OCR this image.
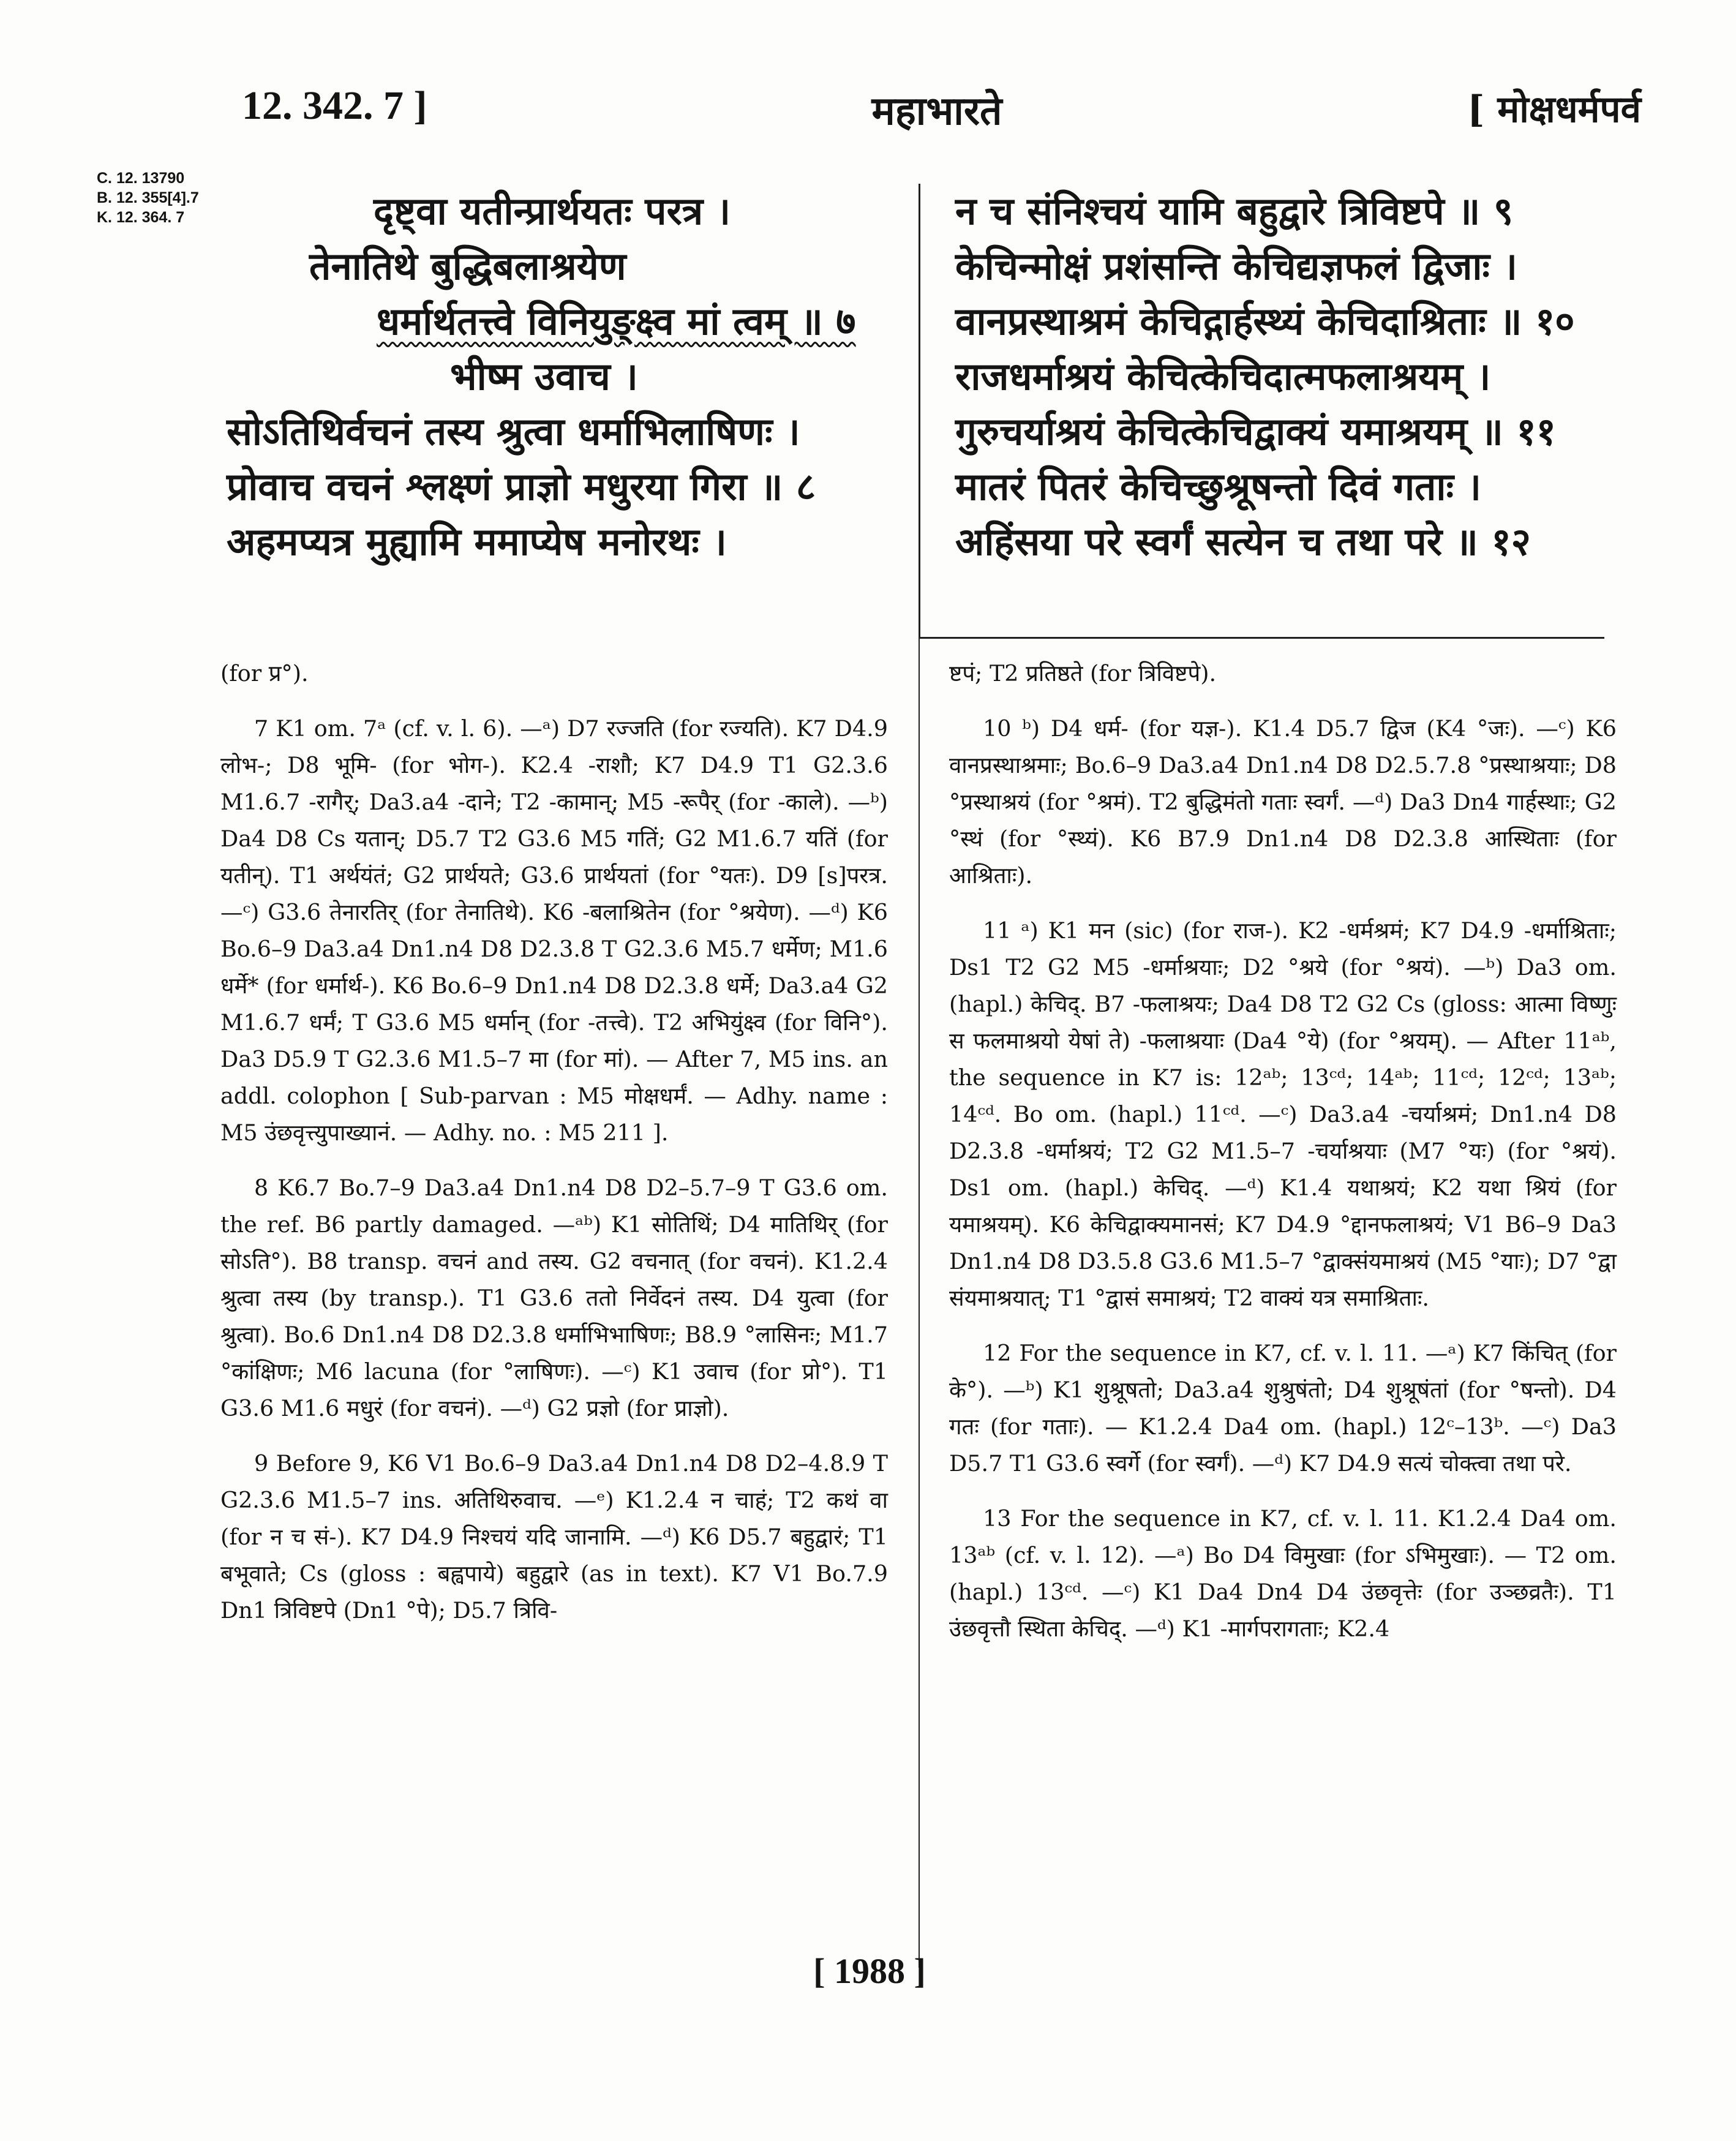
12. 342. 7 ]	महाभारते	[ मोक्षधर्मपर्व
C. 12. 13790
B. 12. 355[4].7
K. 12. 364. 7	दृष्ट्वा यतीन्प्रार्थयतः परत्र ।
तेनातिथे बुद्धिबलाश्रयेण
धर्मार्थतत्त्वे विनियुङ्क्ष्व मां त्वम् ॥ ७
भीष्म उवाच ।
सोऽतिथिर्वचनं तस्य श्रुत्वा धर्माभिलाषिणः ।
प्रोवाच वचनं श्लक्ष्णं प्राज्ञो मधुरया गिरा ॥ ८
अहमप्यत्र मुह्यामि ममाप्येष मनोरथः ।
न च संनिश्चयं यामि बहुद्वारे त्रिविष्टपे ॥ ९
केचिन्मोक्षं प्रशंसन्ति केचिद्यज्ञफलं द्विजाः ।
वानप्रस्थाश्रमं केचिद्गार्हस्थ्यं केचिदाश्रिताः ॥ १०
राजधर्माश्रयं केचित्केचिदात्मफलाश्रयम् ।
गुरुचर्याश्रयं केचित्केचिद्वाक्यं यमाश्रयम् ॥ ११
मातरं पितरं केचिच्छुश्रूषन्तो दिवं गताः ।
अहिंसया परे स्वर्गं सत्येन च तथा परे ॥ १२

(for प्र°).

7 K1 om. 7ᵃ (cf. v. l. 6). —ᵃ) D7 रज्जति (for रज्यति). K7 D4.9 लोभ-; D8 भूमि- (for भोग-). K2.4 -राशौ; K7 D4.9 T1 G2.3.6 M1.6.7 -रागैर्; Da3.a4 -दाने; T2 -कामान्; M5 -रूपैर् (for -काले). —ᵇ) Da4 D8 Cs यतान्; D5.7 T2 G3.6 M5 गतिं; G2 M1.6.7 यतिं (for यतीन्). T1 अर्थयंतं; G2 प्रार्थयते; G3.6 प्रार्थयतां (for °यतः). D9 [s]परत्र. —ᶜ) G3.6 तेनारतिर् (for तेनातिथे). K6 -बलाश्रितेन (for °श्रयेण). —ᵈ) K6 Bo.6–9 Da3.a4 Dn1.n4 D8 D2.3.8 T G2.3.6 M5.7 धर्मेण; M1.6 धर्मे* (for धर्मार्थ-). K6 Bo.6–9 Dn1.n4 D8 D2.3.8 धर्मे; Da3.a4 G2 M1.6.7 धर्मं; T G3.6 M5 धर्मान् (for -तत्त्वे). T2 अभियुंक्ष्व (for विनि°). Da3 D5.9 T G2.3.6 M1.5–7 मा (for मां). — After 7, M5 ins. an addl. colophon [ Sub-parvan : M5 मोक्षधर्मं. — Adhy. name : M5 उंछवृत्त्युपाख्यानं. — Adhy. no. : M5 211 ].

8 K6.7 Bo.7–9 Da3.a4 Dn1.n4 D8 D2–5.7–9 T G3.6 om. the ref. B6 partly damaged. —ᵃᵇ) K1 सोतिथिं; D4 मातिथिर् (for सोऽति°). B8 transp. वचनं and तस्य. G2 वचनात् (for वचनं). K1.2.4 श्रुत्वा तस्य (by transp.). T1 G3.6 ततो निर्वेदनं तस्य. D4 युत्वा (for श्रुत्वा). Bo.6 Dn1.n4 D8 D2.3.8 धर्माभिभाषिणः; B8.9 °लासिनः; M1.7 °कांक्षिणः; M6 lacuna (for °लाषिणः). —ᶜ) K1 उवाच (for प्रो°). T1 G3.6 M1.6 मधुरं (for वचनं). —ᵈ) G2 प्रज्ञो (for प्राज्ञो).

9 Before 9, K6 V1 Bo.6–9 Da3.a4 Dn1.n4 D8 D2–4.8.9 T G2.3.6 M1.5–7 ins. अतिथिरुवाच. —ᵉ) K1.2.4 न चाहं; T2 कथं वा (for न च सं-). K7 D4.9 निश्चयं यदि जानामि. —ᵈ) K6 D5.7 बहुद्वारं; T1 बभूवाते; Cs (gloss : बह्वपाये) बहुद्वारे (as in text). K7 V1 Bo.7.9 Dn1 त्रिविष्टपे (Dn1 °पे); D5.7 त्रिवि-

ष्टपं; T2 प्रतिष्ठते (for त्रिविष्टपे).

10 ᵇ) D4 धर्म- (for यज्ञ-). K1.4 D5.7 द्विज (K4 °जः). —ᶜ) K6 वानप्रस्थाश्रमाः; Bo.6–9 Da3.a4 Dn1.n4 D8 D2.5.7.8 °प्रस्थाश्रयाः; D8 °प्रस्थाश्रयं (for °श्रमं). T2 बुद्धिमंतो गताः स्वर्गं. —ᵈ) Da3 Dn4 गार्हस्थाः; G2 °स्थं (for °स्थ्यं). K6 B7.9 Dn1.n4 D8 D2.3.8 आस्थिताः (for आश्रिताः).

11 ᵃ) K1 मन (sic) (for राज-). K2 -धर्मश्रमं; K7 D4.9 -धर्माश्रिताः; Ds1 T2 G2 M5 -धर्माश्रयाः; D2 °श्रये (for °श्रयं). —ᵇ) Da3 om. (hapl.) केचिद्. B7 -फलाश्रयः; Da4 D8 T2 G2 Cs (gloss: आत्मा विष्णुः स फलमाश्रयो येषां ते) -फलाश्रयाः (Da4 °ये) (for °श्रयम्). — After 11ᵃᵇ, the sequence in K7 is: 12ᵃᵇ; 13ᶜᵈ; 14ᵃᵇ; 11ᶜᵈ; 12ᶜᵈ; 13ᵃᵇ; 14ᶜᵈ. Bo om. (hapl.) 11ᶜᵈ. —ᶜ) Da3.a4 -चर्याश्रमं; Dn1.n4 D8 D2.3.8 -धर्माश्रयं; T2 G2 M1.5–7 -चर्याश्रयाः (M7 °यः) (for °श्रयं). Ds1 om. (hapl.) केचिद्. —ᵈ) K1.4 यथाश्रयं; K2 यथा श्रियं (for यमाश्रयम्). K6 केचिद्वाक्यमानसं; K7 D4.9 °द्दानफलाश्रयं; V1 B6–9 Da3 Dn1.n4 D8 D3.5.8 G3.6 M1.5–7 °द्वाक्संयमाश्रयं (M5 °याः); D7 °द्वा संयमाश्रयात्; T1 °द्वासं समाश्रयं; T2 वाक्यं यत्र समाश्रिताः.

12 For the sequence in K7, cf. v. l. 11. —ᵃ) K7 किंचित् (for के°). —ᵇ) K1 शुश्रूषतो; Da3.a4 शुश्रुषंतो; D4 शुश्रूषंतां (for °षन्तो). D4 गतः (for गताः). — K1.2.4 Da4 om. (hapl.) 12ᶜ–13ᵇ. —ᶜ) Da3 D5.7 T1 G3.6 स्वर्गे (for स्वर्गं). —ᵈ) K7 D4.9 सत्यं चोक्त्वा तथा परे.

13 For the sequence in K7, cf. v. l. 11. K1.2.4 Da4 om. 13ᵃᵇ (cf. v. l. 12). —ᵃ) Bo D4 विमुखाः (for ऽभिमुखाः). — T2 om. (hapl.) 13ᶜᵈ. —ᶜ) K1 Da4 Dn4 D4 उंछवृत्तेः (for उञ्छव्रतैः). T1 उंछवृत्तौ स्थिता केचिद्. —ᵈ) K1 -मार्गपरागताः; K2.4

[ 1988 ]
